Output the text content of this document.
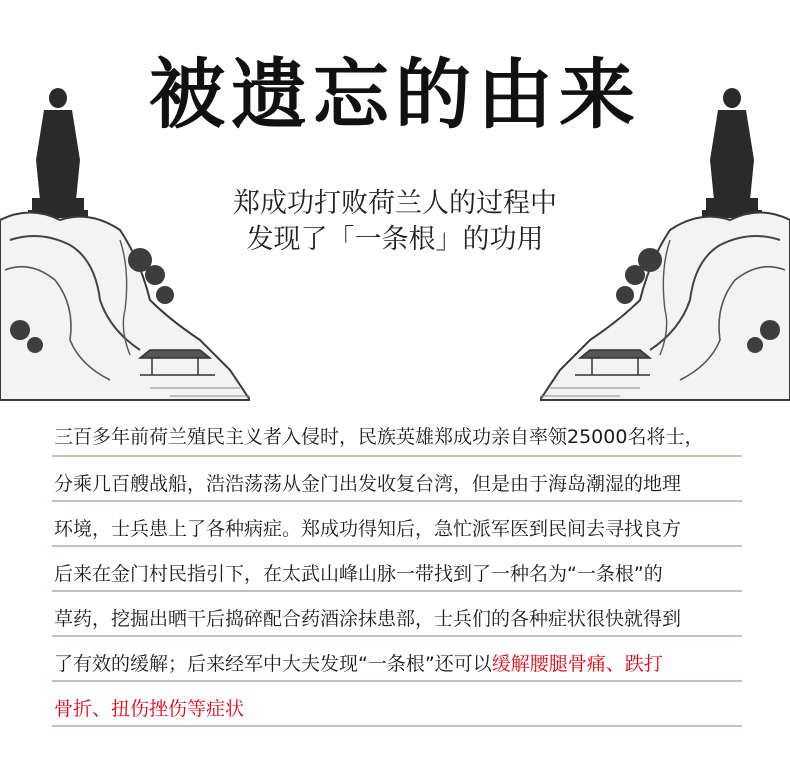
被遗忘的由来
郑成功打败荷兰人的过程中
发现了「一条根」的功用
三百多年前荷兰殖民主义者入侵时，民族英雄郑成功亲自率领25000名将士，
分乘几百艘战船，浩浩荡荡从金门出发收复台湾，但是由于海岛潮湿的地理
环境，士兵患上了各种病症。郑成功得知后，急忙派军医到民间去寻找良方
后来在金门村民指引下，在太武山峰山脉一带找到了一种名为“一条根”的
草药，挖掘出晒干后捣碎配合药酒涂抹患部，士兵们的各种症状很快就得到
了有效的缓解；后来经军中大夫发现“一条根”还可以缓解腰腿骨痛、跌打
骨折、扭伤挫伤等症状
